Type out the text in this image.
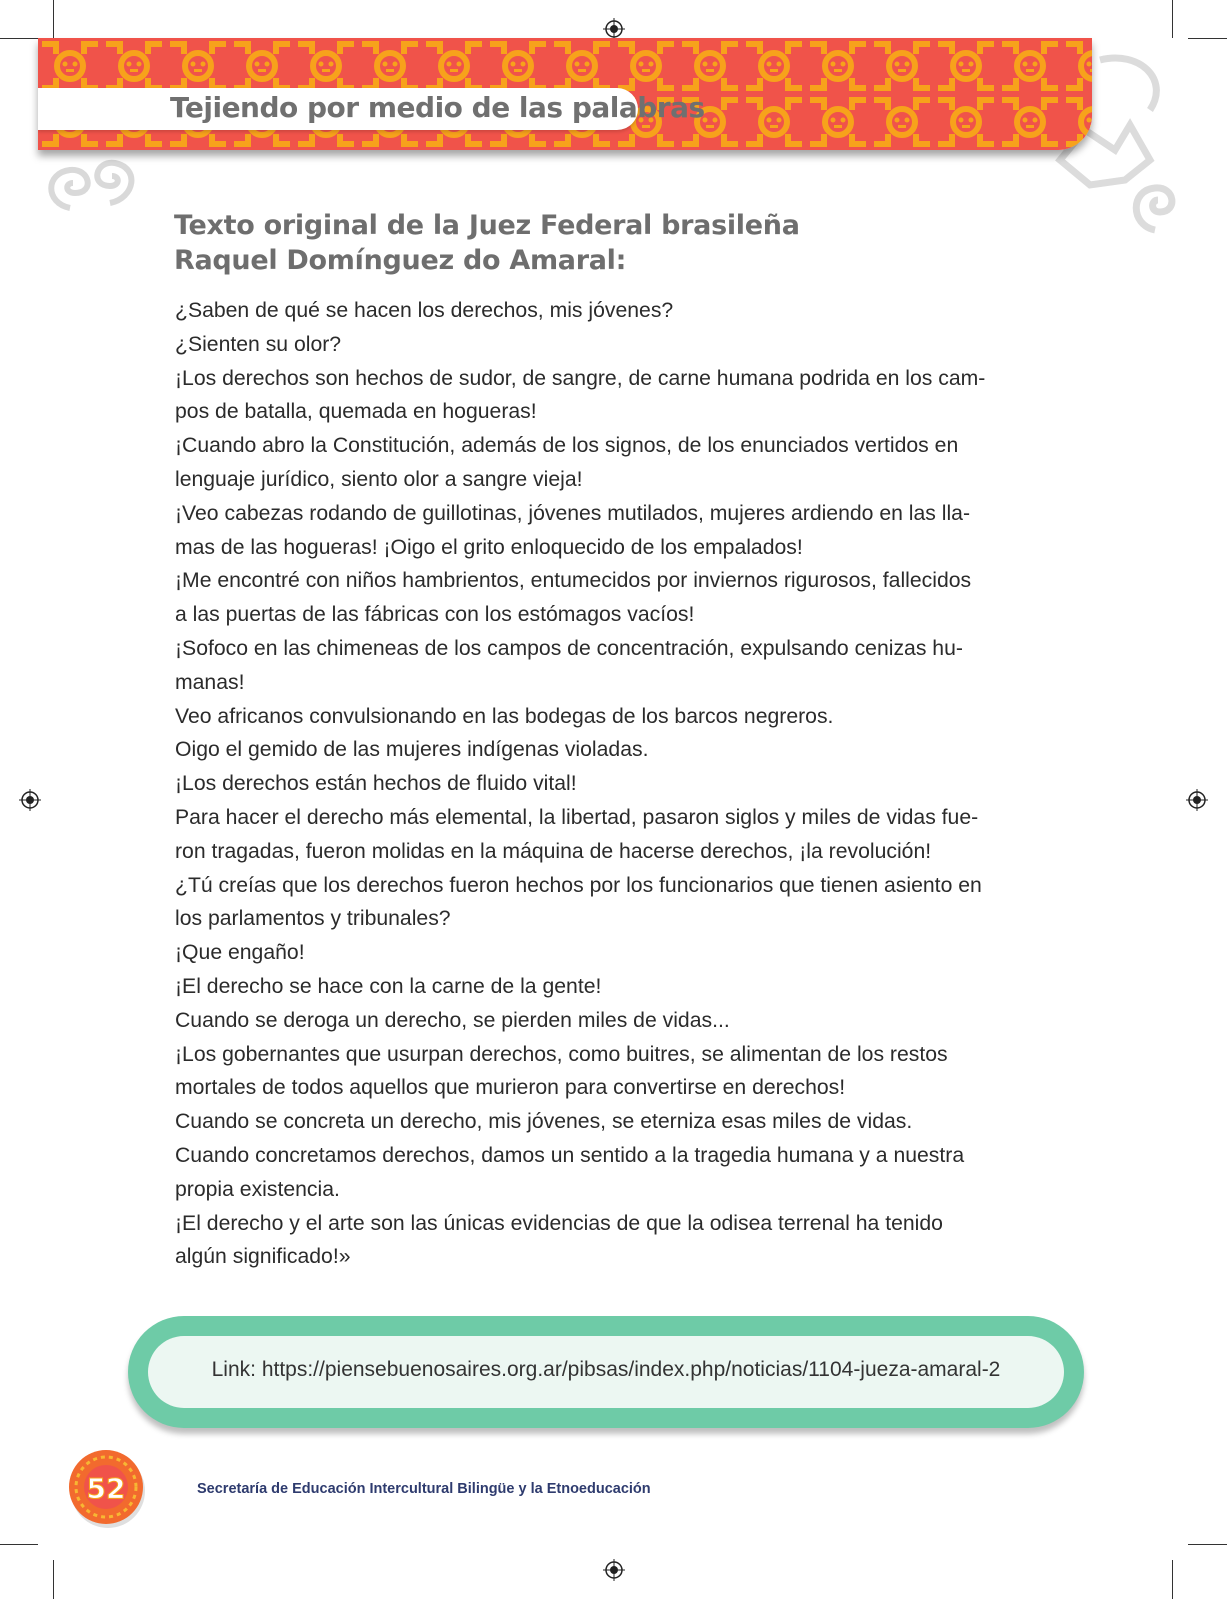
Tejiendo por medio de las palabras
Texto original de la Juez Federal brasileña
Raquel Domínguez do Amaral:
¿Saben de qué se hacen los derechos, mis jóvenes?
¿Sienten su olor?
¡Los derechos son hechos de sudor, de sangre, de carne humana podrida en los cam-
pos de batalla, quemada en hogueras!
¡Cuando abro la Constitución, además de los signos, de los enunciados vertidos en
lenguaje jurídico, siento olor a sangre vieja!
¡Veo cabezas rodando de guillotinas, jóvenes mutilados, mujeres ardiendo en las lla-
mas de las hogueras! ¡Oigo el grito enloquecido de los empalados!
¡Me encontré con niños hambrientos, entumecidos por inviernos rigurosos, fallecidos
a las puertas de las fábricas con los estómagos vacíos!
¡Sofoco en las chimeneas de los campos de concentración, expulsando cenizas hu-
manas!
Veo africanos convulsionando en las bodegas de los barcos negreros.
Oigo el gemido de las mujeres indígenas violadas.
¡Los derechos están hechos de fluido vital!
Para hacer el derecho más elemental, la libertad, pasaron siglos y miles de vidas fue-
ron tragadas, fueron molidas en la máquina de hacerse derechos, ¡la revolución!
¿Tú creías que los derechos fueron hechos por los funcionarios que tienen asiento en
los parlamentos y tribunales?
¡Que engaño!
¡El derecho se hace con la carne de la gente!
Cuando se deroga un derecho, se pierden miles de vidas...
¡Los gobernantes que usurpan derechos, como buitres, se alimentan de los restos
mortales de todos aquellos que murieron para convertirse en derechos!
Cuando se concreta un derecho, mis jóvenes, se eterniza esas miles de vidas.
Cuando concretamos derechos, damos un sentido a la tragedia humana y a nuestra
propia existencia.
¡El derecho y el arte son las únicas evidencias de que la odisea terrenal ha tenido
algún significado!»
Link: https://piensebuenosaires.org.ar/pibsas/index.php/noticias/1104-jueza-amaral-2
52	Secretaría de Educación Intercultural Bilingüe y la Etnoeducación
